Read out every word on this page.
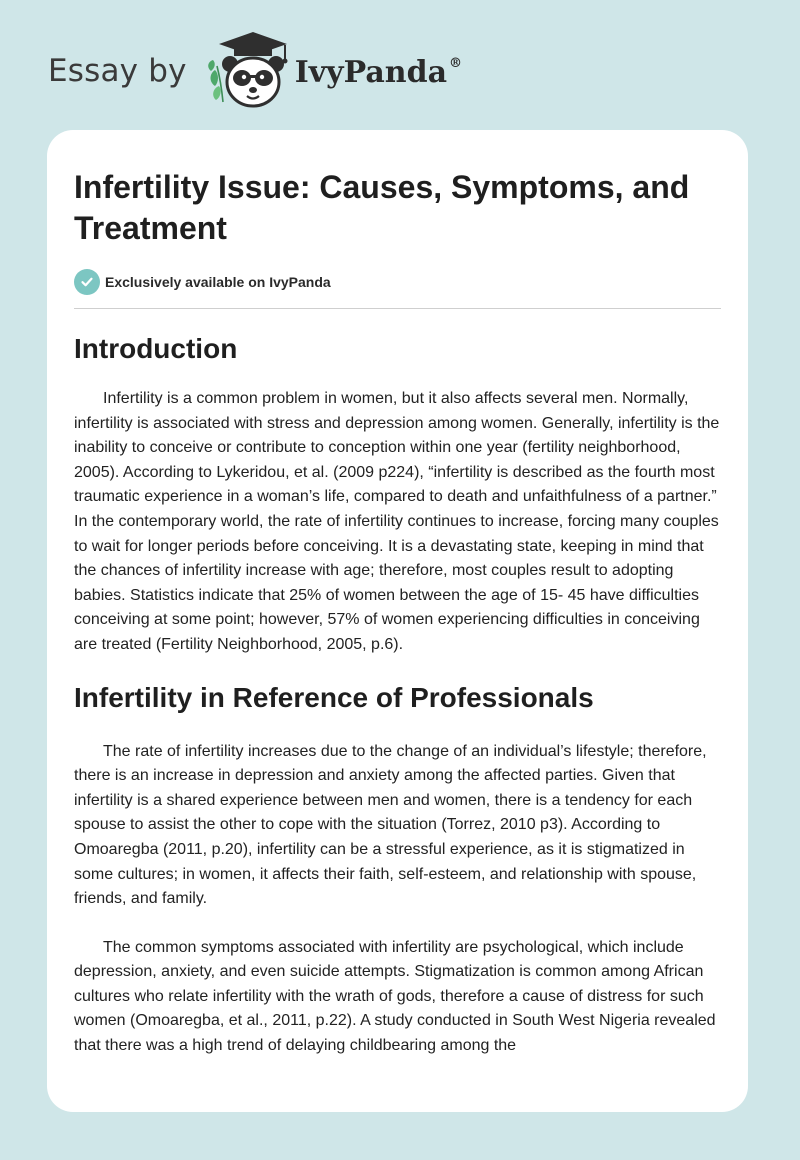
Essay by	IvyPanda ®
Infertility Issue: Causes, Symptoms, and Treatment
Exclusively available on IvyPanda
Introduction

Infertility is a common problem in women, but it also affects several men. Normally, infertility is associated with stress and depression among women. Generally, infertility is the inability to conceive or contribute to conception within one year (fertility neighborhood, 2005). According to Lykeridou, et al. (2009 p224), “infertility is described as the fourth most traumatic experience in a woman’s life, compared to death and unfaithfulness of a partner.” In the contemporary world, the rate of infertility continues to increase, forcing many couples to wait for longer periods before conceiving. It is a devastating state, keeping in mind that the chances of infertility increase with age; therefore, most couples result to adopting babies. Statistics indicate that 25% of women between the age of 15- 45 have difficulties conceiving at some point; however, 57% of women experiencing difficulties in conceiving are treated (Fertility Neighborhood, 2005, p.6).

Infertility in Reference of Professionals

The rate of infertility increases due to the change of an individual’s lifestyle; therefore, there is an increase in depression and anxiety among the affected parties. Given that infertility is a shared experience between men and women, there is a tendency for each spouse to assist the other to cope with the situation (Torrez, 2010 p3). According to Omoaregba (2011, p.20), infertility can be a stressful experience, as it is stigmatized in some cultures; in women, it affects their faith, self-esteem, and relationship with spouse, friends, and family.

The common symptoms associated with infertility are psychological, which include depression, anxiety, and even suicide attempts. Stigmatization is common among African cultures who relate infertility with the wrath of gods, therefore a cause of distress for such women (Omoaregba, et al., 2011, p.22). A study conducted in South West Nigeria revealed that there was a high trend of delaying childbearing among the
